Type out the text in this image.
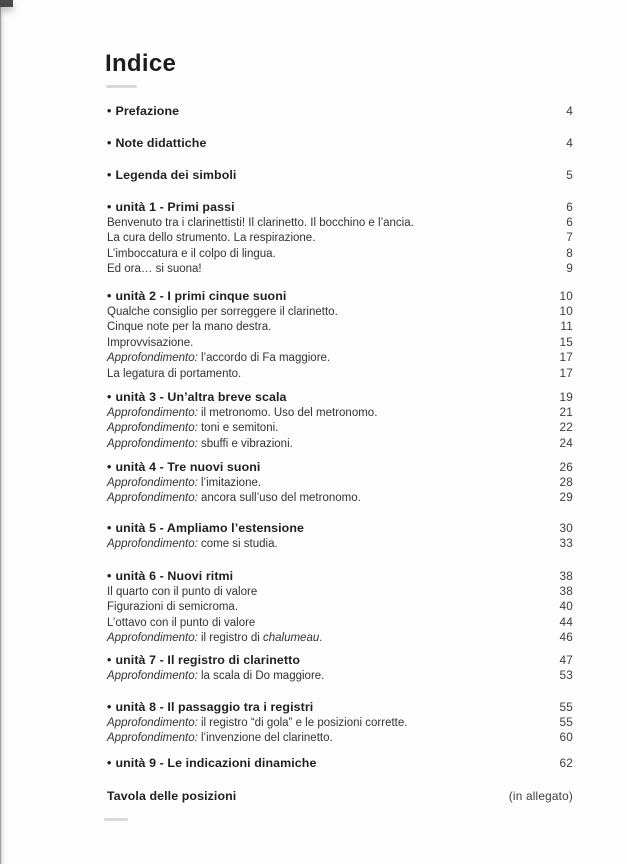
Indice
• Prefazione	4
• Note didattiche	4
• Legenda dei simboli	5
• unità 1 - Primi passi	6
Benvenuto tra i clarinettisti! Il clarinetto. Il bocchino e l’ancia.	6
La cura dello strumento. La respirazione.	7
L’imboccatura e il colpo di lingua.	8
Ed ora… si suona!	9
• unità 2 - I primi cinque suoni	10
Qualche consiglio per sorreggere il clarinetto.	10
Cinque note per la mano destra.	11
Improvvisazione.	15
Approfondimento: l’accordo di Fa maggiore.	17
La legatura di portamento.	17
• unità 3 - Un’altra breve scala	19
Approfondimento: il metronomo. Uso del metronomo.	21
Approfondimento: toni e semitoni.	22
Approfondimento: sbuffi e vibrazioni.	24
• unità 4 - Tre nuovi suoni	26
Approfondimento: l’imitazione.	28
Approfondimento: ancora sull’uso del metronomo.	29
• unità 5 - Ampliamo l’estensione	30
Approfondimento: come si studia.	33
• unità 6 - Nuovi ritmi	38
Il quarto con il punto di valore	38
Figurazioni di semicroma.	40
L’ottavo con il punto di valore	44
Approfondimento: il registro di chalumeau.	46
• unità 7 - Il registro di clarinetto	47
Approfondimento: la scala di Do maggiore.	53
• unità 8 - Il passaggio tra i registri	55
Approfondimento: il registro “di gola” e le posizioni corrette.	55
Approfondimento: l’invenzione del clarinetto.	60
• unità 9 - Le indicazioni dinamiche	62
Tavola delle posizioni	(in allegato)
